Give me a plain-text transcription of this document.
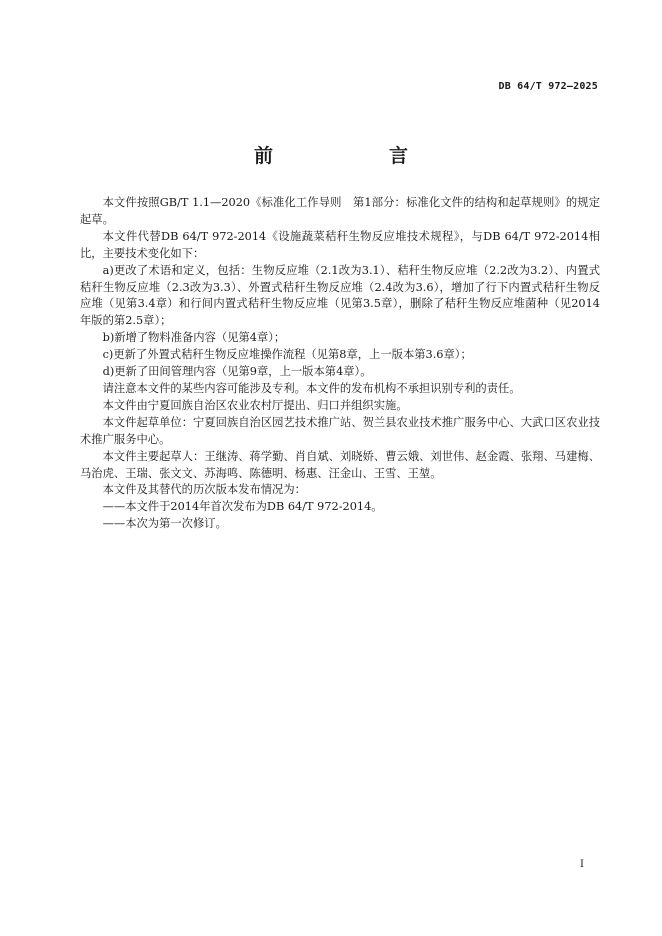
DB 64/T 972—2025
前　　言

本文件按照GB/T 1.1—2020《标准化工作导则　第1部分：标准化文件的结构和起草规则》的规定起草。

本文件代替DB 64/T 972-2014《设施蔬菜秸秆生物反应堆技术规程》，与DB 64/T 972-2014相比，主要技术变化如下：

a)更改了术语和定义，包括：生物反应堆（2.1改为3.1）、秸秆生物反应堆（2.2改为3.2）、内置式秸秆生物反应堆（2.3改为3.3）、外置式秸秆生物反应堆（2.4改为3.6），增加了行下内置式秸秆生物反应堆（见第3.4章）和行间内置式秸秆生物反应堆（见第3.5章），删除了秸秆生物反应堆菌种（见2014年版的第2.5章）；

b)新增了物料准备内容（见第4章）；

c)更新了外置式秸秆生物反应堆操作流程（见第8章，上一版本第3.6章）；

d)更新了田间管理内容（见第9章，上一版本第4章）。

请注意本文件的某些内容可能涉及专利。本文件的发布机构不承担识别专利的责任。

本文件由宁夏回族自治区农业农村厅提出、归口并组织实施。

本文件起草单位：宁夏回族自治区园艺技术推广站、贺兰县农业技术推广服务中心、大武口区农业技术推广服务中心。

本文件主要起草人：王继涛、蒋学勤、肖自斌、刘晓娇、曹云娥、刘世伟、赵金霞、张翔、马建梅、马治虎、王瑞、张文文、苏海鸣、陈德明、杨惠、汪金山、王雪、王堃。

本文件及其替代的历次版本发布情况为：

——本文件于2014年首次发布为DB 64/T 972-2014。

——本次为第一次修订。

I
